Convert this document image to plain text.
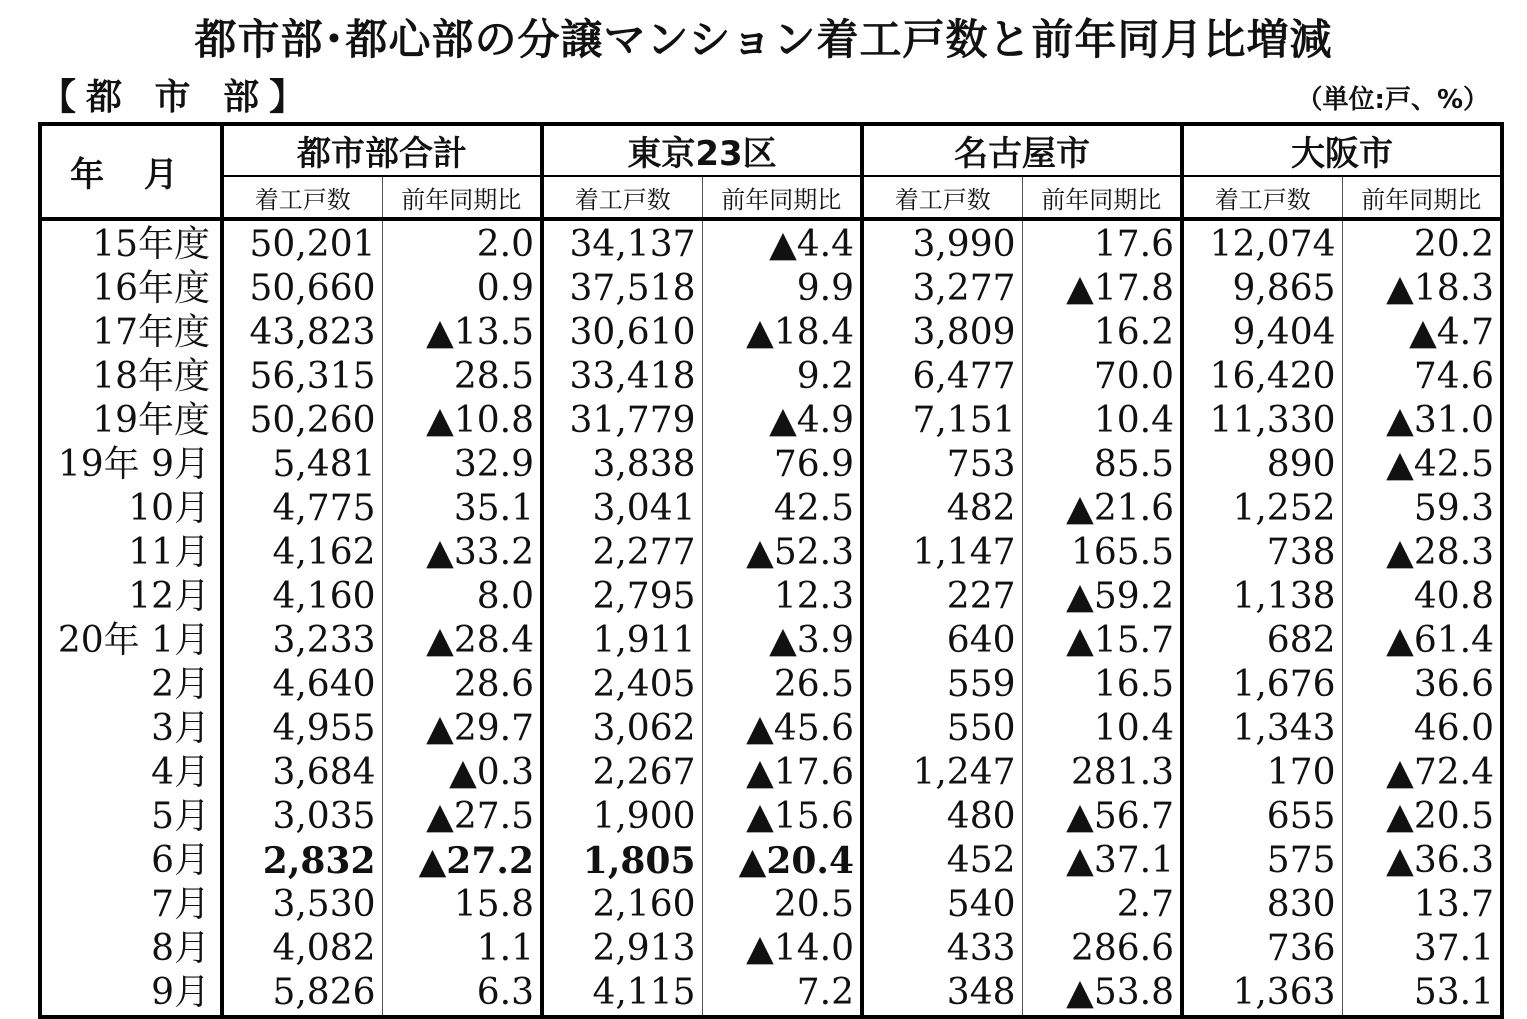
都市部･都心部の分譲マンション着工戸数と前年同月比増減
【都 市 部】	（単位:戸、%）
年 月	都市部合計		東京23区		名古屋市		大阪市	
	着工戸数	前年同期比	着工戸数	前年同期比	着工戸数	前年同期比	着工戸数	前年同期比
15年度	50,201	2.0	34,137	▲4.4	3,990	17.6	12,074	20.2
16年度	50,660	0.9	37,518	9.9	3,277	▲17.8	9,865	▲18.3
17年度	43,823	▲13.5	30,610	▲18.4	3,809	16.2	9,404	▲4.7
18年度	56,315	28.5	33,418	9.2	6,477	70.0	16,420	74.6
19年度	50,260	▲10.8	31,779	▲4.9	7,151	10.4	11,330	▲31.0
19年 9月	5,481	32.9	3,838	76.9	753	85.5	890	▲42.5
10月	4,775	35.1	3,041	42.5	482	▲21.6	1,252	59.3
11月	4,162	▲33.2	2,277	▲52.3	1,147	165.5	738	▲28.3
12月	4,160	8.0	2,795	12.3	227	▲59.2	1,138	40.8
20年 1月	3,233	▲28.4	1,911	▲3.9	640	▲15.7	682	▲61.4
2月	4,640	28.6	2,405	26.5	559	16.5	1,676	36.6
3月	4,955	▲29.7	3,062	▲45.6	550	10.4	1,343	46.0
4月	3,684	▲0.3	2,267	▲17.6	1,247	281.3	170	▲72.4
5月	3,035	▲27.5	1,900	▲15.6	480	▲56.7	655	▲20.5
6月	2,832	▲27.2	1,805	▲20.4	452	▲37.1	575	▲36.3
7月	3,530	15.8	2,160	20.5	540	2.7	830	13.7
8月	4,082	1.1	2,913	▲14.0	433	286.6	736	37.1
9月	5,826	6.3	4,115	7.2	348	▲53.8	1,363	53.1
